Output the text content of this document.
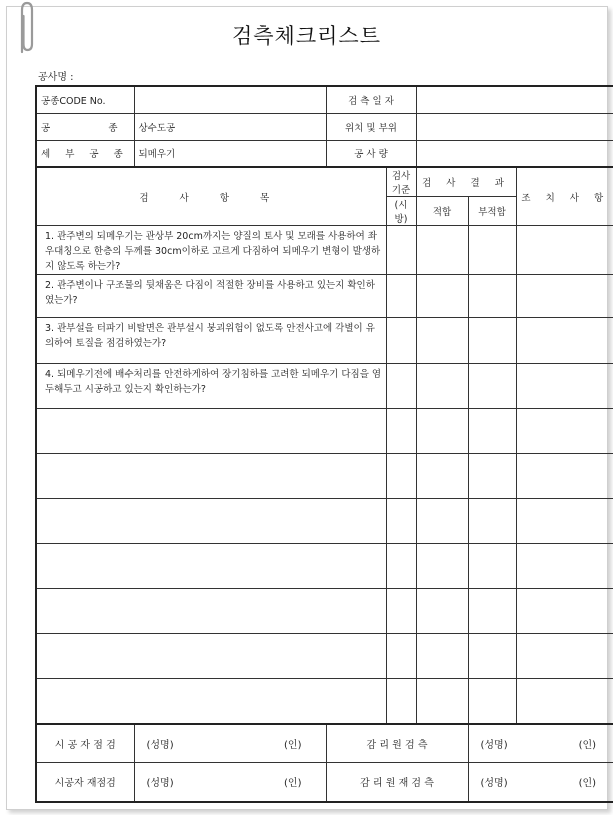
검측체크리스트
공사명 :
공종CODE No.		검 측 일 자				

공 종	상수도공	위치 및 부위				
세 부 공 종	되메우기	공 사 량				
검 사 항 목			검사기준	검 사 결 과		조 치 사 항
			(시방)	적합	부적합	
1. 관주변의 되메우기는 관상부 20cm까지는 양질의 토사 및 모래를 사용하여 좌우대칭으로 한층의 두께를 30cm이하로 고르게 다짐하여 되메우기 변형이 발생하지 않도록 하는가?						
2. 관주변이나 구조물의 뒷채움은 다짐이 적절한 장비를 사용하고 있는지 확인하였는가?						
3. 관부설을 터파기 비탈면은 관부설시 붕괴위험이 없도록 안전사고에 각별이 유의하여 토질을 점검하였는가?						
4. 되메우기전에 배수처리를 안전하게하여 장기침하를 고려한 되메우기 다짐을 염두해두고 시공하고 있는지 확인하는가?						

시 공 자 점 검	(성명) (인)	감 리 원 검 측			(성명) (인)	

시공자 재점검	(성명) (인)	감 리 원 재 검 측			(성명) (인)	
